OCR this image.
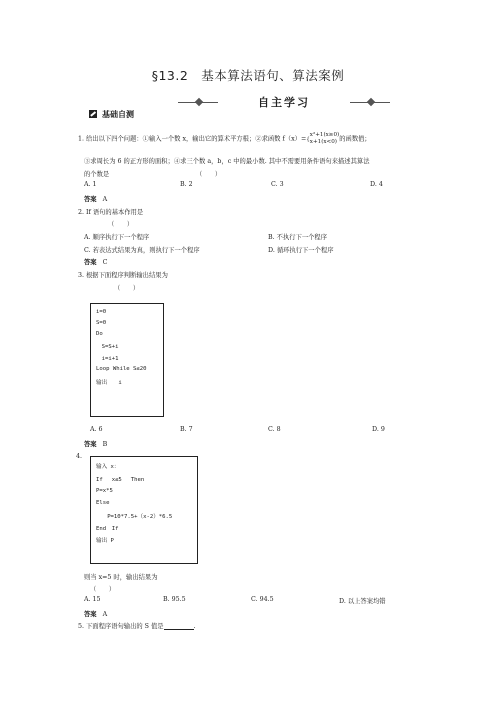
§13.2　基本算法语句、算法案例
自主学习
基础自测
1. 给出以下四个问题：①输入一个数 x，输出它的算术平方根；②求函数 f（x）={x²+1(x≥0)
x+1(x<0) 的函数值；
③求周长为 6 的正方形的面积；④求三个数 a，b，c 中的最小数. 其中不需要用条件语句来描述其算法
的个数是	（　　）
A. 1	B. 2	C. 3	D. 4
答案 A
2. If 语句的基本作用是
（　　）
A. 顺序执行下一个程序	B. 不执行下一个程序
C. 若表达式结果为真，则执行下一个程序	D. 循环执行下一个程序
答案 C
3. 根据下面程序判断输出结果为
（　　）
i=0
S=0
Do
　S=S+i
　i=i+1
Loop While S≤20
输出　　i
A. 6	B. 7	C. 8	D. 9
答案 B
4.
输入 x：
If　 x≤5　 Then
P=x*5
Else
　　P=10*7.5+（x-2）*6.5
End　If
输出 P
则当 x=5 时，输出结果为
（　　）
A. 15	B. 95.5	C. 94.5	D. 以上答案均错
答案 A
5. 下面程序语句输出的 S 值是	.
